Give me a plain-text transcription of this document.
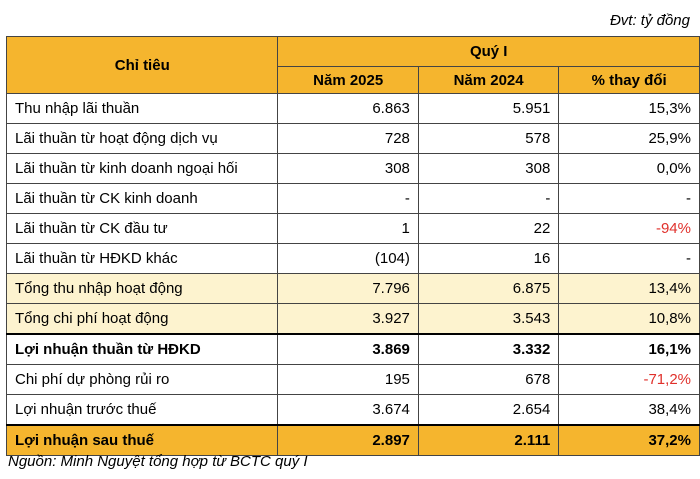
Đvt: tỷ đồng
Chỉ tiêu	Quý I		
	Năm 2025	Năm 2024	% thay đổi
Thu nhập lãi thuần	6.863	5.951	15,3%
Lãi thuần từ hoạt động dịch vụ	728	578	25,9%
Lãi thuần từ kinh doanh ngoại hối	308	308	0,0%
Lãi thuần từ CK kinh doanh	-	-	-
Lãi thuần từ CK đầu tư	1	22	-94%
Lãi thuần từ HĐKD khác	(104)	16	-
Tổng thu nhập hoạt động	7.796	6.875	13,4%
Tổng chi phí hoạt động	3.927	3.543	10,8%
Lợi nhuận thuần từ HĐKD	3.869	3.332	16,1%
Chi phí dự phòng rủi ro	195	678	-71,2%
Lợi nhuận trước thuế	3.674	2.654	38,4%
Lợi nhuận sau thuế	2.897	2.111	37,2%
Nguồn: Minh Nguyệt tổng hợp từ BCTC quý I
